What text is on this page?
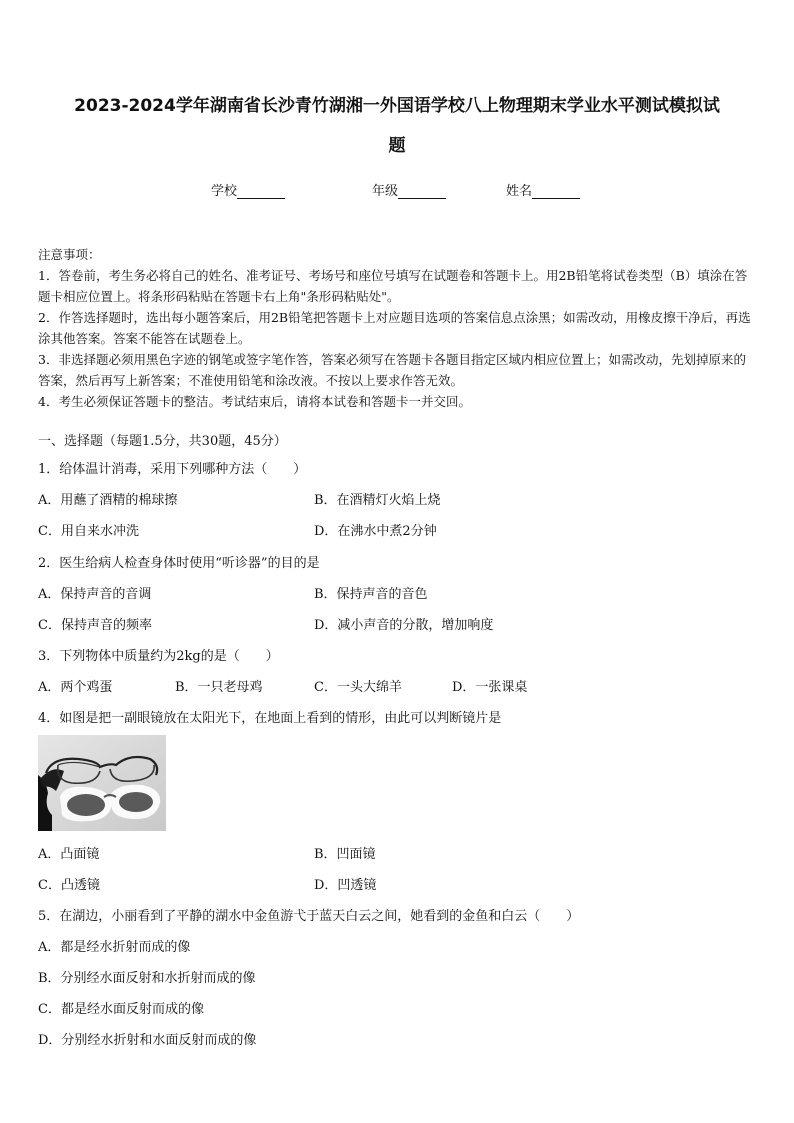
2023-2024学年湖南省长沙青竹湖湘一外国语学校八上物理期末学业水平测试模拟试
题
学校	年级	姓名

注意事项：

1．答卷前，考生务必将自己的姓名、准考证号、考场号和座位号填写在试题卷和答题卡上。用2B铅笔将试卷类型（B）填涂在答题卡相应位置上。将条形码粘贴在答题卡右上角"条形码粘贴处"。

2．作答选择题时，选出每小题答案后，用2B铅笔把答题卡上对应题目选项的答案信息点涂黑；如需改动，用橡皮擦干净后，再选涂其他答案。答案不能答在试题卷上。

3．非选择题必须用黑色字迹的钢笔或签字笔作答，答案必须写在答题卡各题目指定区域内相应位置上；如需改动，先划掉原来的答案，然后再写上新答案；不准使用铅笔和涂改液。不按以上要求作答无效。

4．考生必须保证答题卡的整洁。考试结束后，请将本试卷和答题卡一并交回。

一、选择题（每题1.5分，共30题，45分）
1．给体温计消毒，采用下列哪种方法（　　）
A．用蘸了酒精的棉球擦	B．在酒精灯火焰上烧
C．用自来水冲洗	D．在沸水中煮2分钟
2．医生给病人检查身体时使用“听诊器”的目的是
A．保持声音的音调	B．保持声音的音色
C．保持声音的频率	D．减小声音的分散，增加响度
3．下列物体中质量约为2kg的是（　　）
A．两个鸡蛋	B．一只老母鸡	C．一头大绵羊	D．一张课桌
4．如图是把一副眼镜放在太阳光下，在地面上看到的情形，由此可以判断镜片是
A．凸面镜	B．凹面镜
C．凸透镜	D．凹透镜
5．在湖边，小丽看到了平静的湖水中金鱼游弋于蓝天白云之间，她看到的金鱼和白云（　　）
A．都是经水折射而成的像
B．分别经水面反射和水折射而成的像
C．都是经水面反射而成的像
D．分别经水折射和水面反射而成的像
